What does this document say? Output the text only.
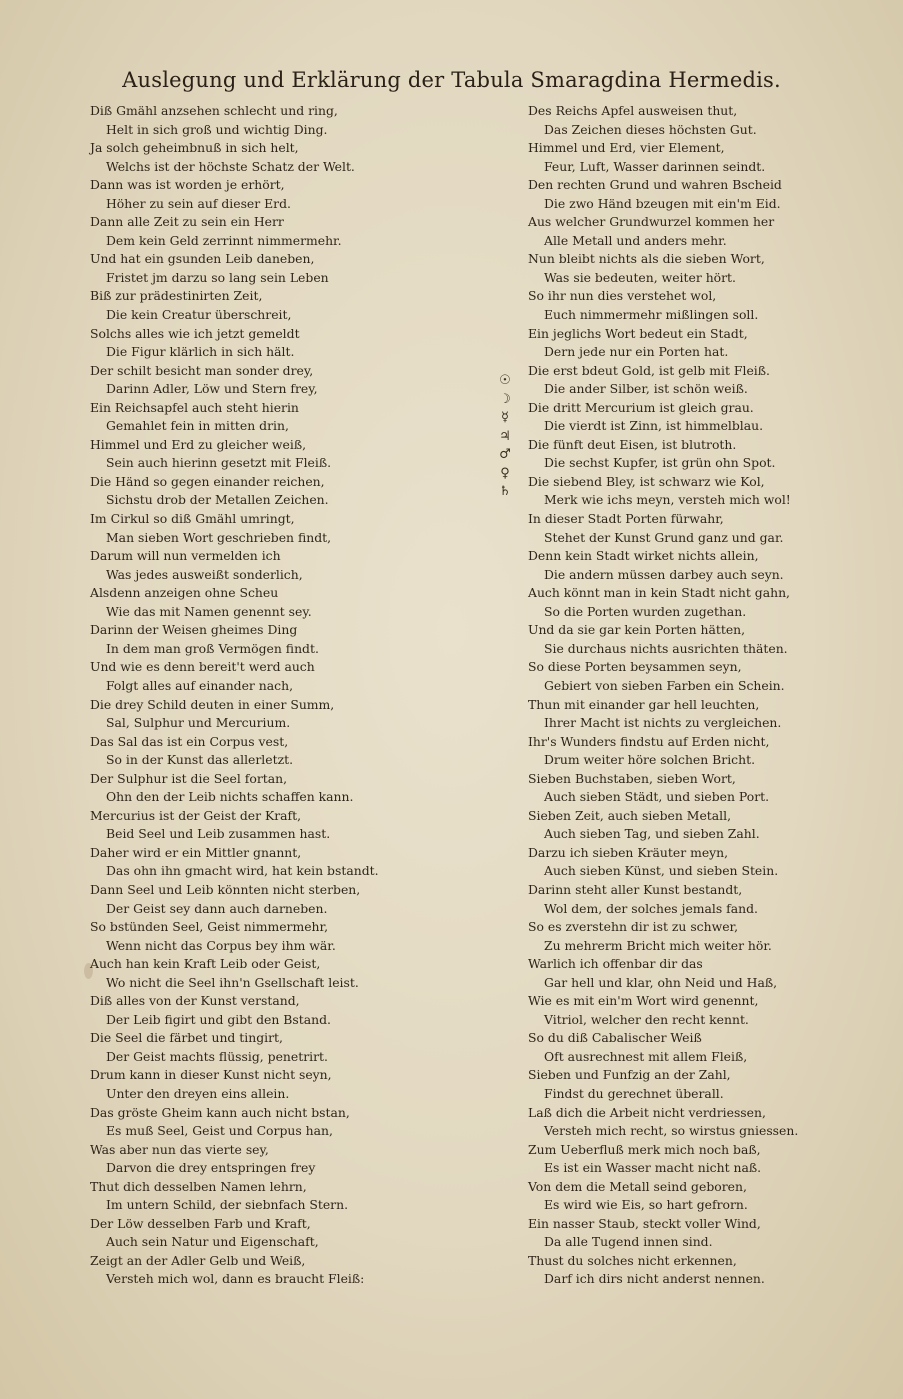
Auslegung und Erklärung der Tabula Smaragdina Hermedis.
Diß Gmähl anzsehen schlecht und ring,
Helt in sich groß und wichtig Ding.
Ja solch geheimbnuß in sich helt,
Welchs ist der höchste Schatz der Welt.
Dann was ist worden je erhört,
Höher zu sein auf dieser Erd.
Dann alle Zeit zu sein ein Herr
Dem kein Geld zerrinnt nimmermehr.
Und hat ein gsunden Leib daneben,
Fristet jm darzu so lang sein Leben
Biß zur prädestinirten Zeit,
Die kein Creatur überschreit,
Solchs alles wie ich jetzt gemeldt
Die Figur klärlich in sich hält.
Der schilt besicht man sonder drey,
Darinn Adler, Löw und Stern frey,
Ein Reichsapfel auch steht hierin
Gemahlet fein in mitten drin,
Himmel und Erd zu gleicher weiß,
Sein auch hierinn gesetzt mit Fleiß.
Die Händ so gegen einander reichen,
Sichstu drob der Metallen Zeichen.
Im Cirkul so diß Gmähl umringt,
Man sieben Wort geschrieben findt,
Darum will nun vermelden ich
Was jedes ausweißt sonderlich,
Alsdenn anzeigen ohne Scheu
Wie das mit Namen genennt sey.
Darinn der Weisen gheimes Ding
In dem man groß Vermögen findt.
Und wie es denn bereit't werd auch
Folgt alles auf einander nach,
Die drey Schild deuten in einer Summ,
Sal, Sulphur und Mercurium.
Das Sal das ist ein Corpus vest,
So in der Kunst das allerletzt.
Der Sulphur ist die Seel fortan,
Ohn den der Leib nichts schaffen kann.
Mercurius ist der Geist der Kraft,
Beid Seel und Leib zusammen hast.
Daher wird er ein Mittler gnannt,
Das ohn ihn gmacht wird, hat kein bstandt.
Dann Seel und Leib könnten nicht sterben,
Der Geist sey dann auch darneben.
So bstünden Seel, Geist nimmermehr,
Wenn nicht das Corpus bey ihm wär.
Auch han kein Kraft Leib oder Geist,
Wo nicht die Seel ihn'n Gsellschaft leist.
Diß alles von der Kunst verstand,
Der Leib figirt und gibt den Bstand.
Die Seel die färbet und tingirt,
Der Geist machts flüssig, penetrirt.
Drum kann in dieser Kunst nicht seyn,
Unter den dreyen eins allein.
Das gröste Gheim kann auch nicht bstan,
Es muß Seel, Geist und Corpus han,
Was aber nun das vierte sey,
Darvon die drey entspringen frey
Thut dich desselben Namen lehrn,
Im untern Schild, der siebnfach Stern.
Der Löw desselben Farb und Kraft,
Auch sein Natur und Eigenschaft,
Zeigt an der Adler Gelb und Weiß,
Versteh mich wol, dann es braucht Fleiß:
Des Reichs Apfel ausweisen thut,
Das Zeichen dieses höchsten Gut.
Himmel und Erd, vier Element,
Feur, Luft, Wasser darinnen seindt.
Den rechten Grund und wahren Bscheid
Die zwo Händ bzeugen mit ein'm Eid.
Aus welcher Grundwurzel kommen her
Alle Metall und anders mehr.
Nun bleibt nichts als die sieben Wort,
Was sie bedeuten, weiter hört.
So ihr nun dies verstehet wol,
Euch nimmermehr mißlingen soll.
Ein jeglichs Wort bedeut ein Stadt,
Dern jede nur ein Porten hat.
Die erst bdeut Gold, ist gelb mit Fleiß.
Die ander Silber, ist schön weiß.
Die dritt Mercurium ist gleich grau.
Die vierdt ist Zinn, ist himmelblau.
Die fünft deut Eisen, ist blutroth.
Die sechst Kupfer, ist grün ohn Spot.
Die siebend Bley, ist schwarz wie Kol,
Merk wie ichs meyn, versteh mich wol!
In dieser Stadt Porten fürwahr,
Stehet der Kunst Grund ganz und gar.
Denn kein Stadt wirket nichts allein,
Die andern müssen darbey auch seyn.
Auch könnt man in kein Stadt nicht gahn,
So die Porten wurden zugethan.
Und da sie gar kein Porten hätten,
Sie durchaus nichts ausrichten thäten.
So diese Porten beysammen seyn,
Gebiert von sieben Farben ein Schein.
Thun mit einander gar hell leuchten,
Ihrer Macht ist nichts zu vergleichen.
Ihr's Wunders findstu auf Erden nicht,
Drum weiter höre solchen Bricht.
Sieben Buchstaben, sieben Wort,
Auch sieben Städt, und sieben Port.
Sieben Zeit, auch sieben Metall,
Auch sieben Tag, und sieben Zahl.
Darzu ich sieben Kräuter meyn,
Auch sieben Künst, und sieben Stein.
Darinn steht aller Kunst bestandt,
Wol dem, der solches jemals fand.
So es zverstehn dir ist zu schwer,
Zu mehrerm Bricht mich weiter hör.
Warlich ich offenbar dir das
Gar hell und klar, ohn Neid und Haß,
Wie es mit ein'm Wort wird genennt,
Vitriol, welcher den recht kennt.
So du diß Cabalischer Weiß
Oft ausrechnest mit allem Fleiß,
Sieben und Funfzig an der Zahl,
Findst du gerechnet überall.
Laß dich die Arbeit nicht verdriessen,
Versteh mich recht, so wirstus gniessen.
Zum Ueberfluß merk mich noch baß,
Es ist ein Wasser macht nicht naß.
Von dem die Metall seind geboren,
Es wird wie Eis, so hart gefrorn.
Ein nasser Staub, steckt voller Wind,
Da alle Tugend innen sind.
Thust du solches nicht erkennen,
Darf ich dirs nicht anderst nennen.
☉
☽
☿
♃
♂
♀
♄
